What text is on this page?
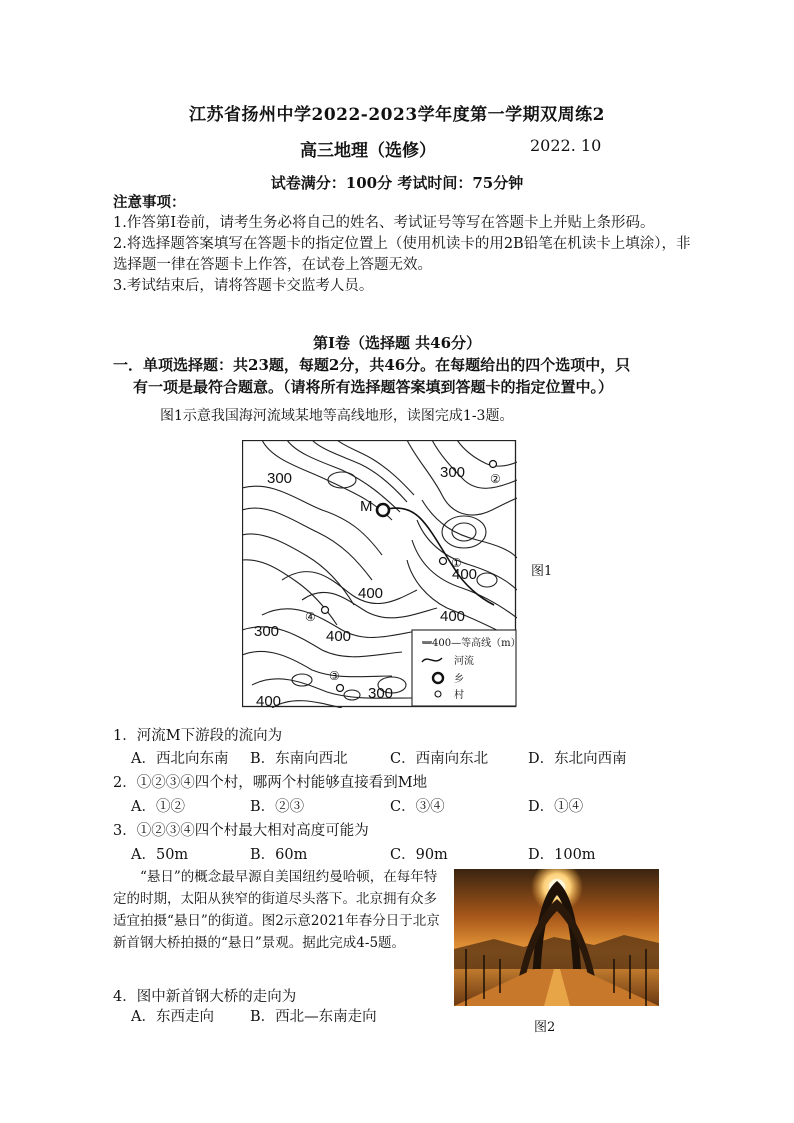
江苏省扬州中学2022-2023学年度第一学期双周练2
高三地理（选修）	2022. 10
试卷满分：100分 考试时间：75分钟
注意事项：
1.作答第Ⅰ卷前，请考生务必将自己的姓名、考试证号等写在答题卡上并贴上条形码。
2.将选择题答案填写在答题卡的指定位置上（使用机读卡的用2B铅笔在机读卡上填涂），非选择题一律在答题卡上作答，在试卷上答题无效。
3.考试结束后，请将答题卡交监考人员。
第Ⅰ卷（选择题 共46分）
一．单项选择题：共23题，每题2分，共46分。在每题给出的四个选项中，只
有一项是最符合题意。（请将所有选择题答案填到答题卡的指定位置中。）
图1示意我国海河流域某地等高线地形，读图完成1-3题。
300	300
300
300
400
400
400
400
400
M
①
②
③
④
—400—等高线（m）
河流
乡
村
图1
1．河流M下游段的流向为
A．西北向东南 B．东南向西北	C．西南向东北	D．东北向西南
2．①②③④四个村，哪两个村能够直接看到M地
A．①②	B．②③	C．③④	D．①④
3．①②③④四个村最大相对高度可能为
A．50m	B．60m	C．90m	D．100m
“悬日”的概念最早源自美国纽约曼哈顿，在每年特定的时期，太阳从狭窄的街道尽头落下。北京拥有众多适宜拍摄“悬日”的街道。图2示意2021年春分日于北京新首钢大桥拍摄的“悬日”景观。据此完成4-5题。
图2
4．图中新首钢大桥的走向为
A．东西走向 B．西北—东南走向
